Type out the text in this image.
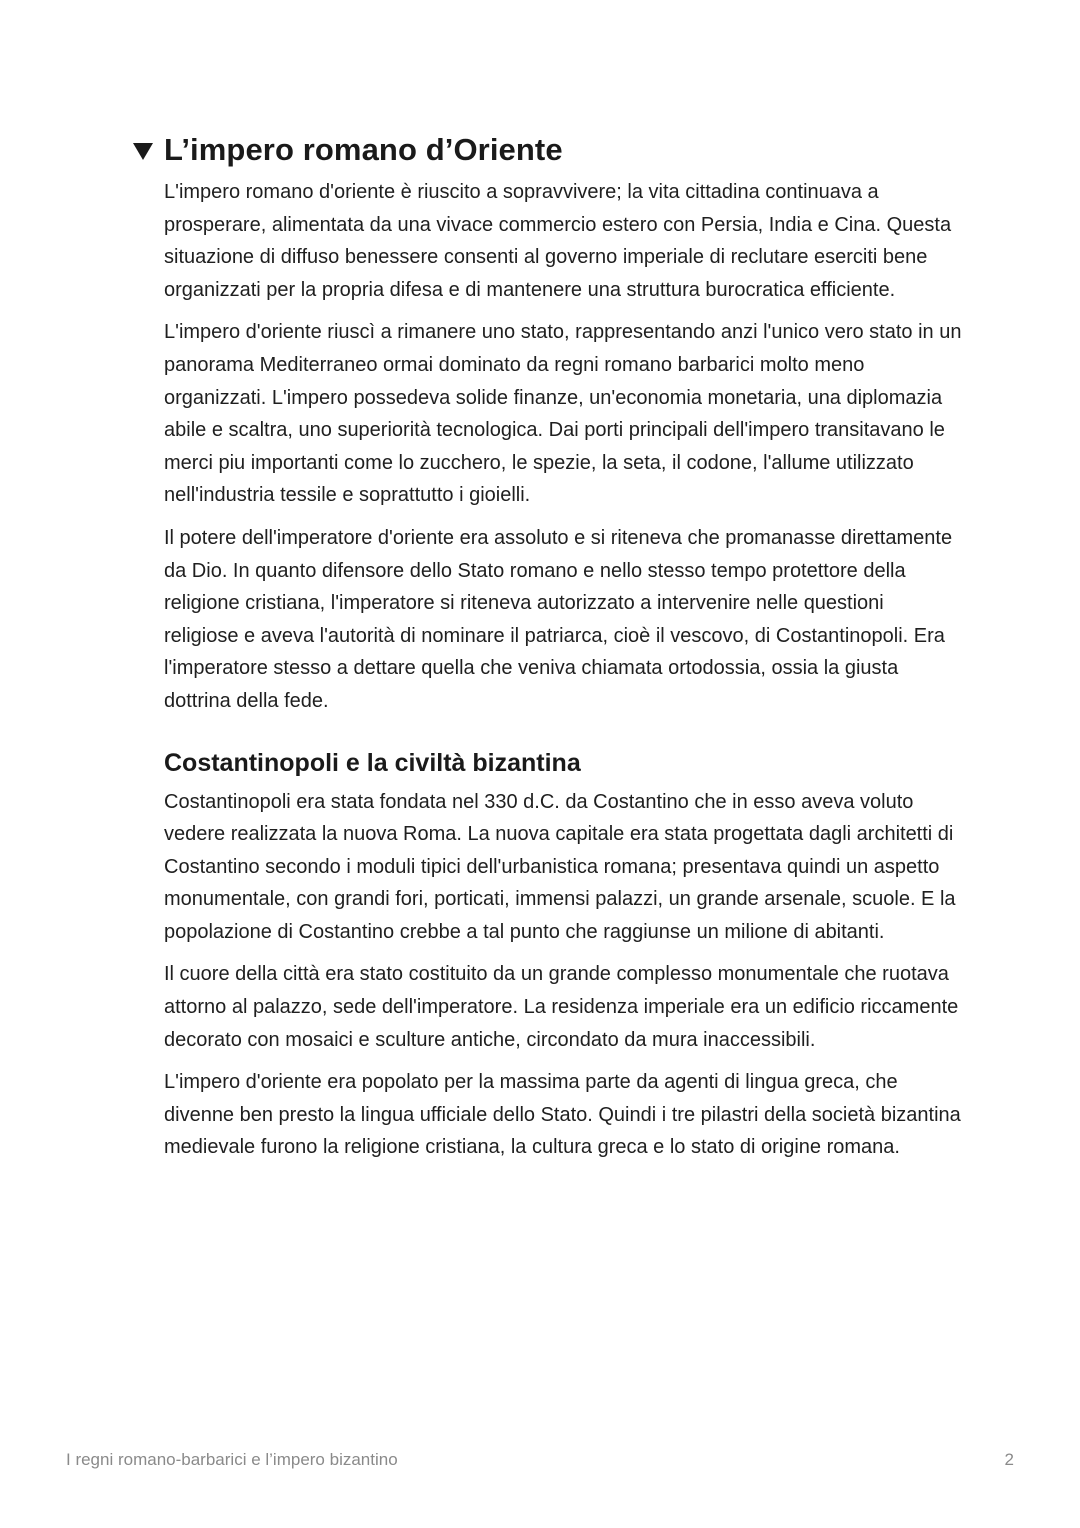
L’impero romano d’Oriente

L'impero romano d'oriente è riuscito a sopravvivere; la vita cittadina continuava a prosperare, alimentata da una vivace commercio estero con Persia, India e Cina. Questa situazione di diffuso benessere consenti al governo imperiale di reclutare eserciti bene organizzati per la propria difesa e di mantenere una struttura burocratica efficiente.

L'impero d'oriente riuscì a rimanere uno stato, rappresentando anzi l'unico vero stato in un panorama Mediterraneo ormai dominato da regni romano barbarici molto meno organizzati. L'impero possedeva solide finanze, un'economia monetaria, una diplomazia abile e scaltra, uno superiorità tecnologica. Dai porti principali dell'impero transitavano le merci piu importanti come lo zucchero, le spezie, la seta, il codone, l'allume utilizzato nell'industria tessile e soprattutto i gioielli.

Il potere dell'imperatore d'oriente era assoluto e si riteneva che promanasse direttamente da Dio. In quanto difensore dello Stato romano e nello stesso tempo protettore della religione cristiana, l'imperatore si riteneva autorizzato a intervenire nelle questioni religiose e aveva l'autorità di nominare il patriarca, cioè il vescovo, di Costantinopoli. Era l'imperatore stesso a dettare quella che veniva chiamata ortodossia, ossia la giusta dottrina della fede.

Costantinopoli e la civiltà bizantina

Costantinopoli era stata fondata nel 330 d.C. da Costantino che in esso aveva voluto vedere realizzata la nuova Roma. La nuova capitale era stata progettata dagli architetti di Costantino secondo i moduli tipici dell'urbanistica romana; presentava quindi un aspetto monumentale, con grandi fori, porticati, immensi palazzi, un grande arsenale, scuole. E la popolazione di Costantino crebbe a tal punto che raggiunse un milione di abitanti.

Il cuore della città era stato costituito da un grande complesso monumentale che ruotava attorno al palazzo, sede dell'imperatore. La residenza imperiale era un edificio riccamente decorato con mosaici e sculture antiche, circondato da mura inaccessibili.

L'impero d'oriente era popolato per la massima parte da agenti di lingua greca, che divenne ben presto la lingua ufficiale dello Stato. Quindi i tre pilastri della società bizantina medievale furono la religione cristiana, la cultura greca e lo stato di origine romana.

I regni romano-barbarici e l’impero bizantino	2
